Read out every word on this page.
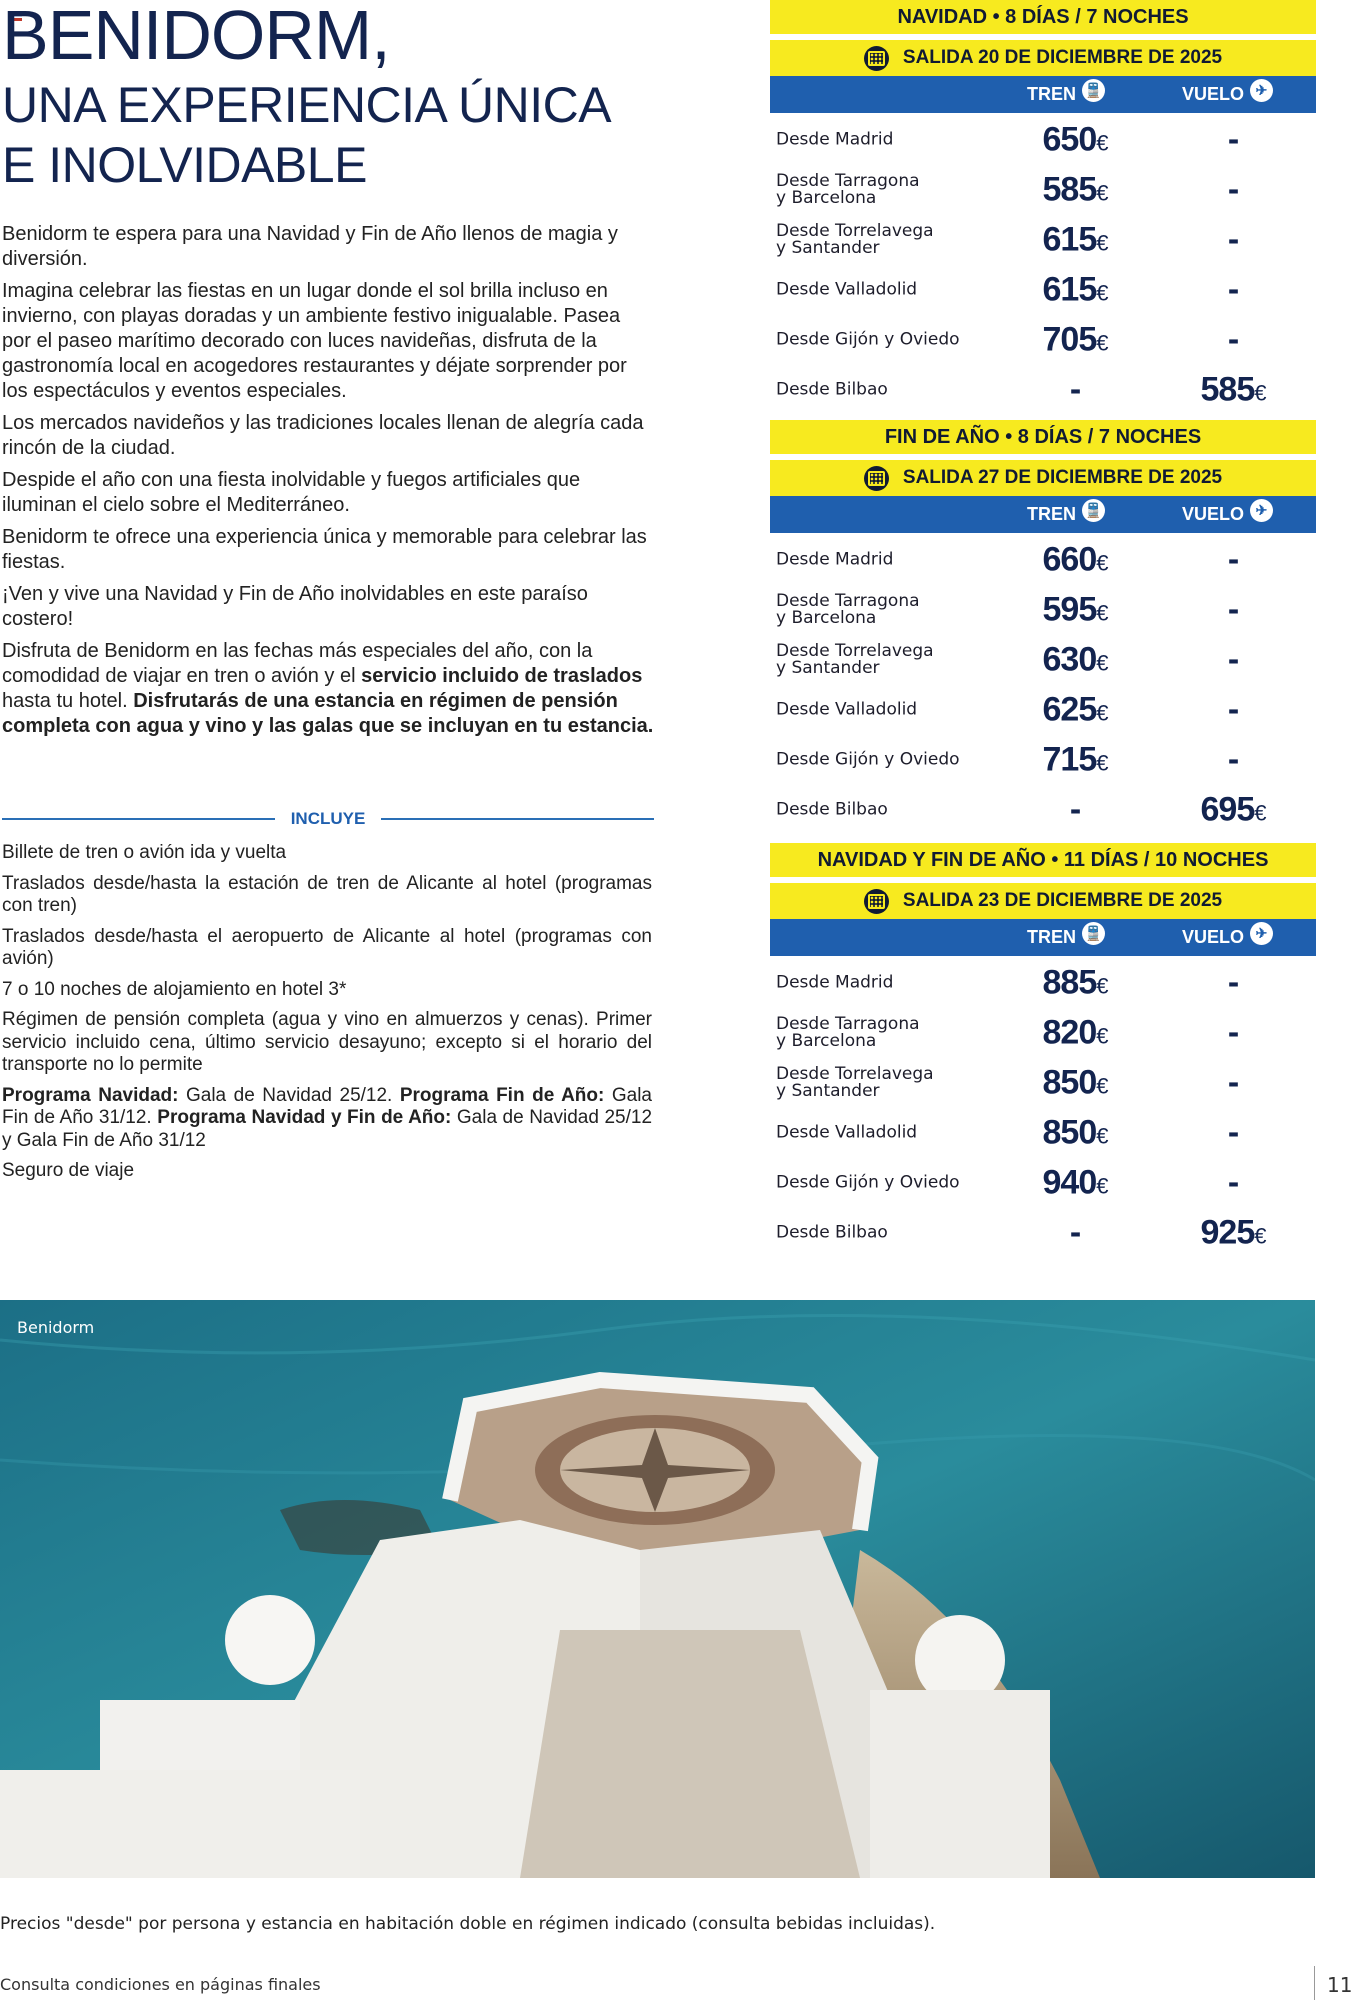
BENIDORM,
UNA EXPERIENCIA ÚNICA
E INOLVIDABLE

Benidorm te espera para una Navidad y Fin de Año llenos de magia y diversión.

Imagina celebrar las fiestas en un lugar donde el sol brilla incluso en invierno, con playas doradas y un ambiente festivo inigualable. Pasea por el paseo marítimo decorado con luces navideñas, disfruta de la gastronomía local en acogedores restaurantes y déjate sorprender por los espectáculos y eventos especiales.

Los mercados navideños y las tradiciones locales llenan de alegría cada rincón de la ciudad.

Despide el año con una fiesta inolvidable y fuegos artificiales que iluminan el cielo sobre el Mediterráneo.

Benidorm te ofrece una experiencia única y memorable para celebrar las fiestas.

¡Ven y vive una Navidad y Fin de Año inolvidables en este paraíso costero!

Disfruta de Benidorm en las fechas más especiales del año, con la comodidad de viajar en tren o avión y el servicio incluido de traslados hasta tu hotel. Disfrutarás de una estancia en régimen de pensión completa con agua y vino y las galas que se incluyan en tu estancia.

INCLUYE

Billete de tren o avión ida y vuelta

Traslados desde/hasta la estación de tren de Alicante al hotel (programas con tren)

Traslados desde/hasta el aeropuerto de Alicante al hotel (programas con avión)

7 o 10 noches de alojamiento en hotel 3*

Régimen de pensión completa (agua y vino en almuerzos y cenas). Primer servicio incluido cena, último servicio desayuno; excepto si el horario del transporte no lo permite

Programa Navidad: Gala de Navidad 25/12. Programa Fin de Año: Gala Fin de Año 31/12. Programa Navidad y Fin de Año: Gala de Navidad 25/12 y Gala Fin de Año 31/12

Seguro de viaje

NAVIDAD • 8 DÍAS / 7 NOCHES
SALIDA 20 DE DICIEMBRE DE 2025
TREN 🚆	VUELO ✈
Desde Madrid	650€	-
Desde Tarragona
y Barcelona	585€	-
Desde Torrelavega
y Santander	615€	-
Desde Valladolid	615€	-
Desde Gijón y Oviedo	705€	-
Desde Bilbao	-	585€
FIN DE AÑO • 8 DÍAS / 7 NOCHES
SALIDA 27 DE DICIEMBRE DE 2025
TREN 🚆	VUELO ✈
Desde Madrid	660€	-
Desde Tarragona
y Barcelona	595€	-
Desde Torrelavega
y Santander	630€	-
Desde Valladolid	625€	-
Desde Gijón y Oviedo	715€	-
Desde Bilbao	-	695€
NAVIDAD Y FIN DE AÑO • 11 DÍAS / 10 NOCHES
SALIDA 23 DE DICIEMBRE DE 2025
TREN 🚆	VUELO ✈
Desde Madrid	885€	-
Desde Tarragona
y Barcelona	820€	-
Desde Torrelavega
y Santander	850€	-
Desde Valladolid	850€	-
Desde Gijón y Oviedo	940€	-
Desde Bilbao	-	925€
Benidorm
Precios "desde" por persona y estancia en habitación doble en régimen indicado (consulta bebidas incluidas).
Consulta condiciones en páginas finales	11
